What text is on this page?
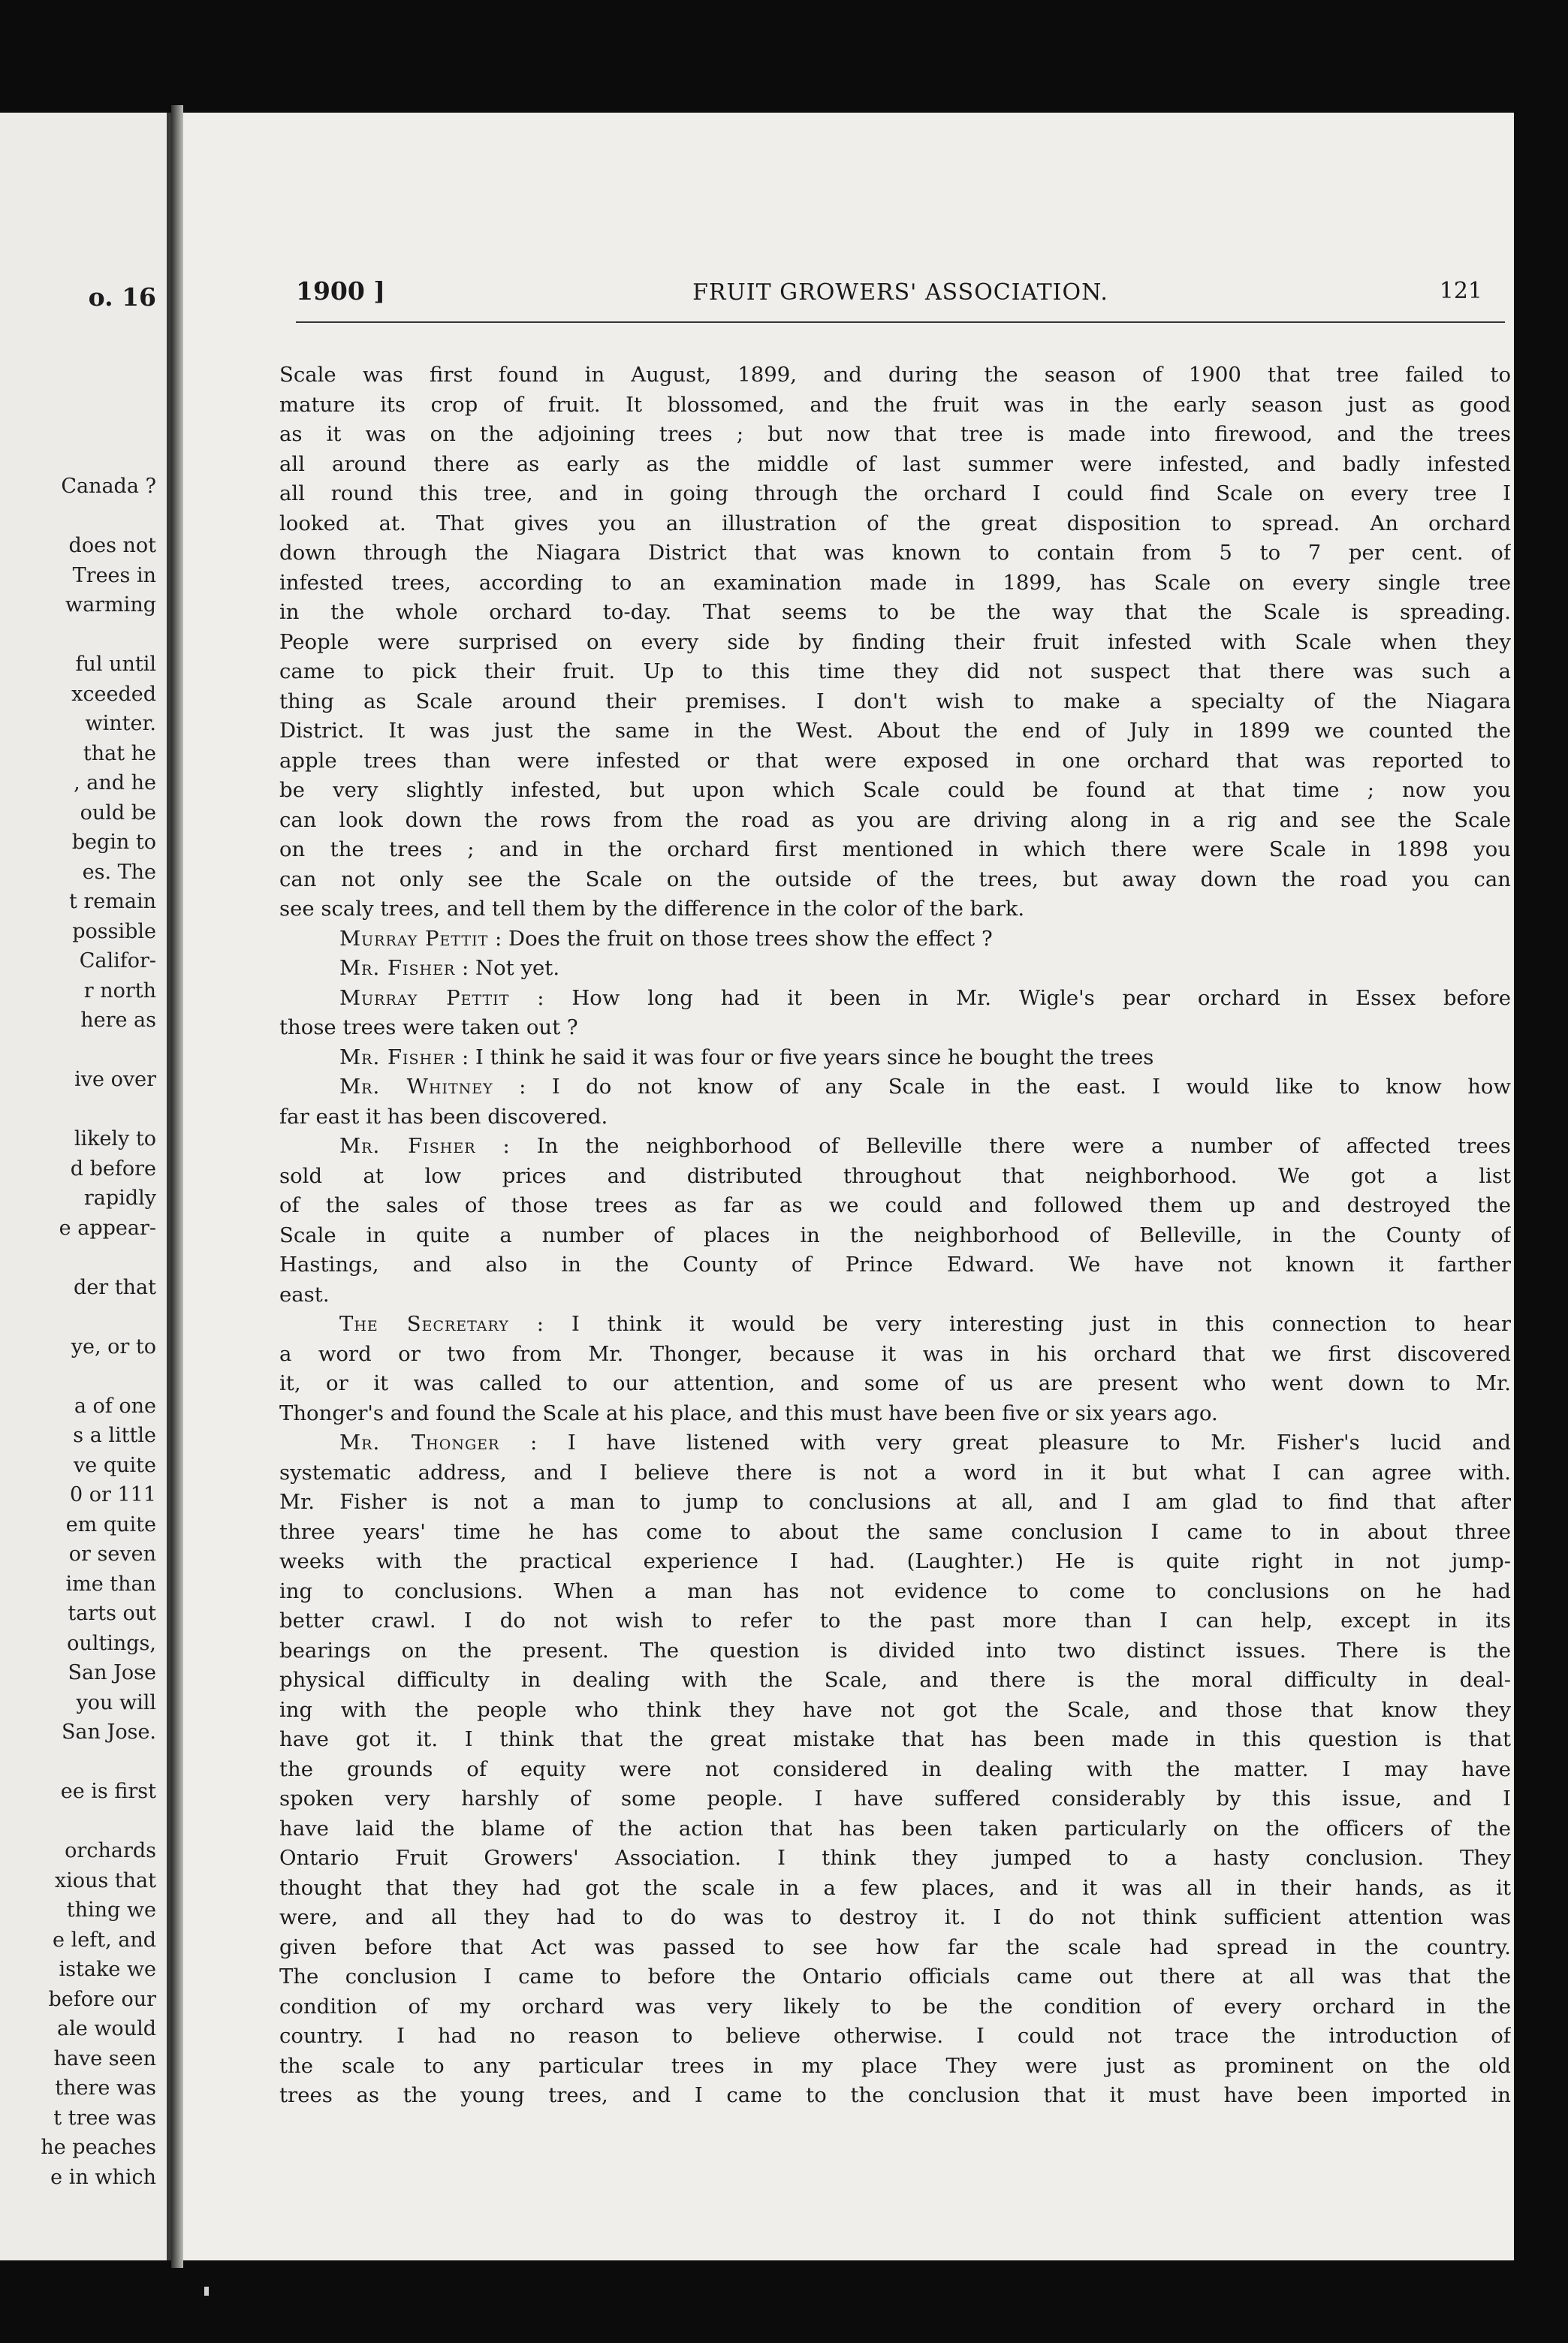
o. 16

Canada ?

does not
Trees in
warming

ful until
xceeded
winter.
that he
, and he
ould be
begin to
es. The
t remain
possible
Califor-
r north
here as

ive over

likely to
d before
rapidly
e appear-

der that

ye, or to

a of one
s a little
ve quite
0 or 111
em quite
or seven
ime than
tarts out
oultings,
San Jose
you will
San Jose.

ee is first

orchards
xious that
thing we
e left, and
istake we
before our
ale would
have seen
there was
t tree was
he peaches
e in which
1900 ]	FRUIT GROWERS' ASSOCIATION.	121
Scale was first found in August, 1899, and during the season of 1900 that tree failed to
mature its crop of fruit. It blossomed, and the fruit was in the early season just as good
as it was on the adjoining trees ; but now that tree is made into firewood, and the trees
all around there as early as the middle of last summer were infested, and badly infested
all round this tree, and in going through the orchard I could find Scale on every tree I
looked at. That gives you an illustration of the great disposition to spread. An orchard
down through the Niagara District that was known to contain from 5 to 7 per cent. of
infested trees, according to an examination made in 1899, has Scale on every single tree
in the whole orchard to-day. That seems to be the way that the Scale is spreading.
People were surprised on every side by finding their fruit infested with Scale when they
came to pick their fruit. Up to this time they did not suspect that there was such a
thing as Scale around their premises. I don't wish to make a specialty of the Niagara
District. It was just the same in the West. About the end of July in 1899 we counted the
apple trees than were infested or that were exposed in one orchard that was reported to
be very slightly infested, but upon which Scale could be found at that time ; now you
can look down the rows from the road as you are driving along in a rig and see the Scale
on the trees ; and in the orchard first mentioned in which there were Scale in 1898 you
can not only see the Scale on the outside of the trees, but away down the road you can
see scaly trees, and tell them by the difference in the color of the bark.
Murray Pettit : Does the fruit on those trees show the effect ?
Mr. Fisher : Not yet.
Murray Pettit : How long had it been in Mr. Wigle's pear orchard in Essex before
those trees were taken out ?
Mr. Fisher : I think he said it was four or five years since he bought the trees
Mr. Whitney : I do not know of any Scale in the east. I would like to know how
far east it has been discovered.
Mr. Fisher : In the neighborhood of Belleville there were a number of affected trees
sold at low prices and distributed throughout that neighborhood. We got a list
of the sales of those trees as far as we could and followed them up and destroyed the
Scale in quite a number of places in the neighborhood of Belleville, in the County of
Hastings, and also in the County of Prince Edward. We have not known it farther
east.
The Secretary : I think it would be very interesting just in this connection to hear
a word or two from Mr. Thonger, because it was in his orchard that we first discovered
it, or it was called to our attention, and some of us are present who went down to Mr.
Thonger's and found the Scale at his place, and this must have been five or six years ago.
Mr. Thonger : I have listened with very great pleasure to Mr. Fisher's lucid and
systematic address, and I believe there is not a word in it but what I can agree with.
Mr. Fisher is not a man to jump to conclusions at all, and I am glad to find that after
three years' time he has come to about the same conclusion I came to in about three
weeks with the practical experience I had. (Laughter.) He is quite right in not jump-
ing to conclusions. When a man has not evidence to come to conclusions on he had
better crawl. I do not wish to refer to the past more than I can help, except in its
bearings on the present. The question is divided into two distinct issues. There is the
physical difficulty in dealing with the Scale, and there is the moral difficulty in deal-
ing with the people who think they have not got the Scale, and those that know they
have got it. I think that the great mistake that has been made in this question is that
the grounds of equity were not considered in dealing with the matter. I may have
spoken very harshly of some people. I have suffered considerably by this issue, and I
have laid the blame of the action that has been taken particularly on the officers of the
Ontario Fruit Growers' Association. I think they jumped to a hasty conclusion. They
thought that they had got the scale in a few places, and it was all in their hands, as it
were, and all they had to do was to destroy it. I do not think sufficient attention was
given before that Act was passed to see how far the scale had spread in the country.
The conclusion I came to before the Ontario officials came out there at all was that the
condition of my orchard was very likely to be the condition of every orchard in the
country. I had no reason to believe otherwise. I could not trace the introduction of
the scale to any particular trees in my place They were just as prominent on the old
trees as the young trees, and I came to the conclusion that it must have been imported in
